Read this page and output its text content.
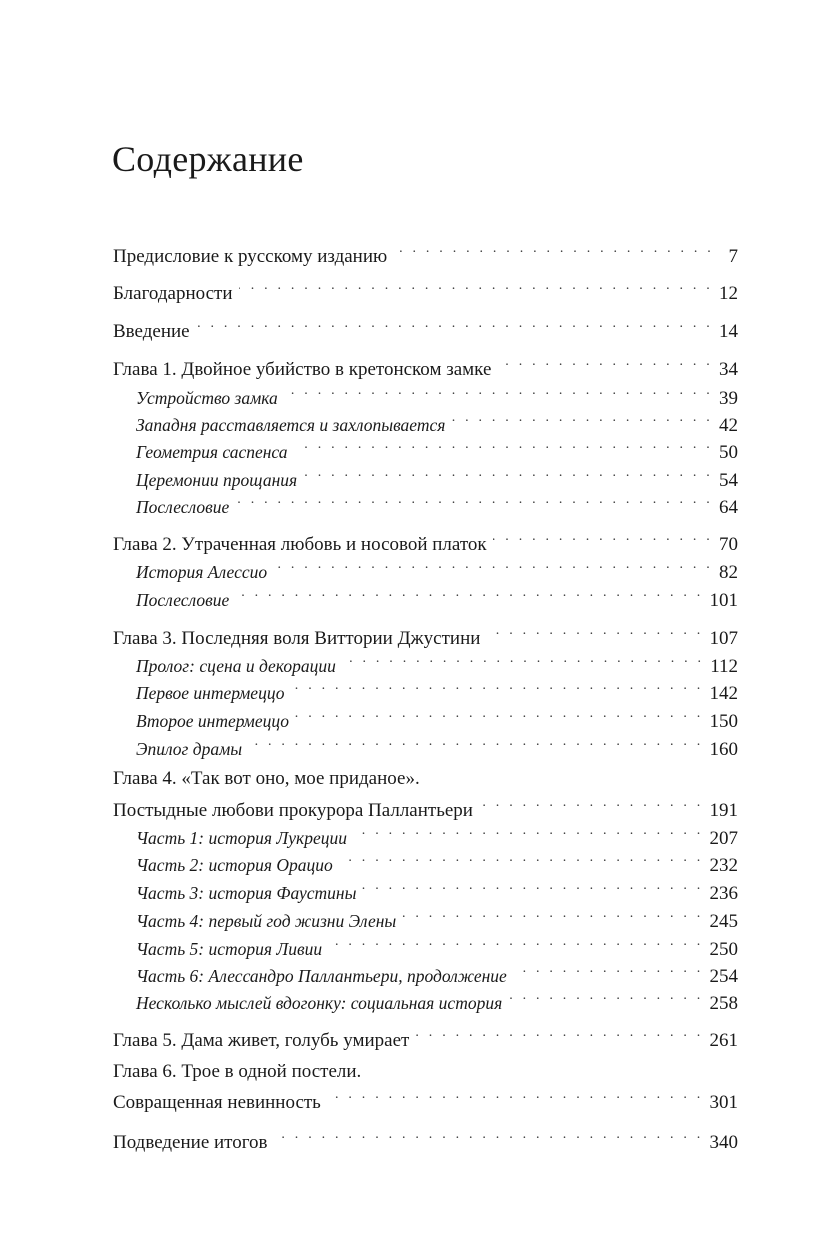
Содержание
Предисловие к русскому изданию . . .	7
Благодарности . . .	12
Введение . . .	14
Глава 1. Двойное убийство в кретонском замке . . .	34
Устройство замка . . .	39
Западня расставляется и захлопывается . . .	42
Геометрия саспенса . . .	50
Церемонии прощания . . .	54
Послесловие . . .	64
Глава 2. Утраченная любовь и носовой платок . . .	70
История Алессио . . .	82
Послесловие . . .	101
Глава 3. Последняя воля Виттории Джустини . . .	107
Пролог: сцена и декорации . . .	112
Первое интермеццо . . .	142
Второе интермеццо . . .	150
Эпилог драмы . . .	160
Глава 4. «Так вот оно, мое приданое».
Постыдные любови прокурора Паллантьери . . .	191
Часть 1: история Лукреции . . .	207
Часть 2: история Орацио . . .	232
Часть 3: история Фаустины . . .	236
Часть 4: первый год жизни Элены . . .	245
Часть 5: история Ливии . . .	250
Часть 6: Алессандро Паллантьери, продолжение . . .	254
Несколько мыслей вдогонку: социальная история . . .	258
Глава 5. Дама живет, голубь умирает . . .	261
Глава 6. Трое в одной постели.
Совращенная невинность . . .	301
Подведение итогов . . .	340
